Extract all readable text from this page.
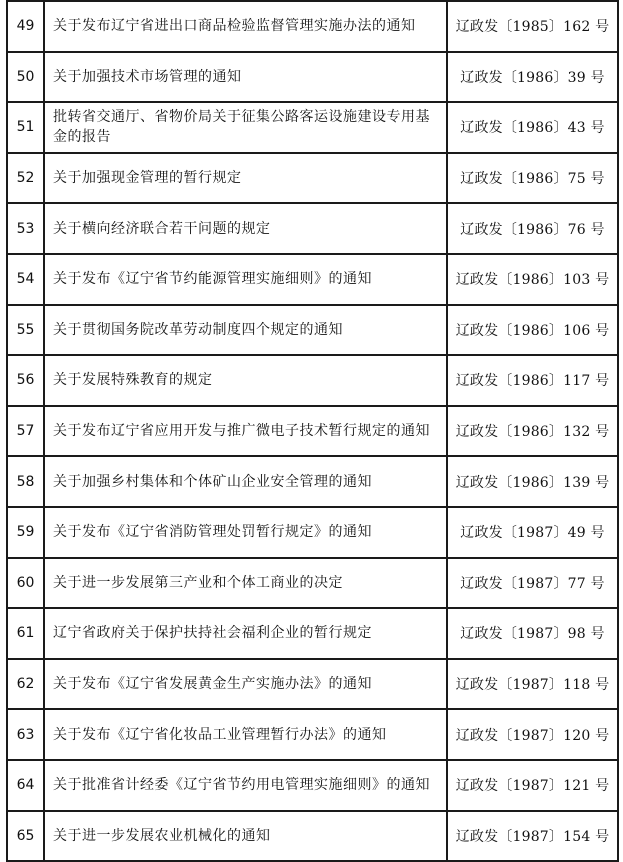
49	关于发布辽宁省进出口商品检验监督管理实施办法的通知	辽政发〔1985〕162 号
50	关于加强技术市场管理的通知	辽政发〔1986〕39 号
51	批转省交通厅、省物价局关于征集公路客运设施建设专用基金的报告	辽政发〔1986〕43 号
52	关于加强现金管理的暂行规定	辽政发〔1986〕75 号
53	关于横向经济联合若干问题的规定	辽政发〔1986〕76 号
54	关于发布《辽宁省节约能源管理实施细则》的通知	辽政发〔1986〕103 号
55	关于贯彻国务院改革劳动制度四个规定的通知	辽政发〔1986〕106 号
56	关于发展特殊教育的规定	辽政发〔1986〕117 号
57	关于发布辽宁省应用开发与推广微电子技术暂行规定的通知	辽政发〔1986〕132 号
58	关于加强乡村集体和个体矿山企业安全管理的通知	辽政发〔1986〕139 号
59	关于发布《辽宁省消防管理处罚暂行规定》的通知	辽政发〔1987〕49 号
60	关于进一步发展第三产业和个体工商业的决定	辽政发〔1987〕77 号
61	辽宁省政府关于保护扶持社会福利企业的暂行规定	辽政发〔1987〕98 号
62	关于发布《辽宁省发展黄金生产实施办法》的通知	辽政发〔1987〕118 号
63	关于发布《辽宁省化妆品工业管理暂行办法》的通知	辽政发〔1987〕120 号
64	关于批准省计经委《辽宁省节约用电管理实施细则》的通知	辽政发〔1987〕121 号
65	关于进一步发展农业机械化的通知	辽政发〔1987〕154 号
